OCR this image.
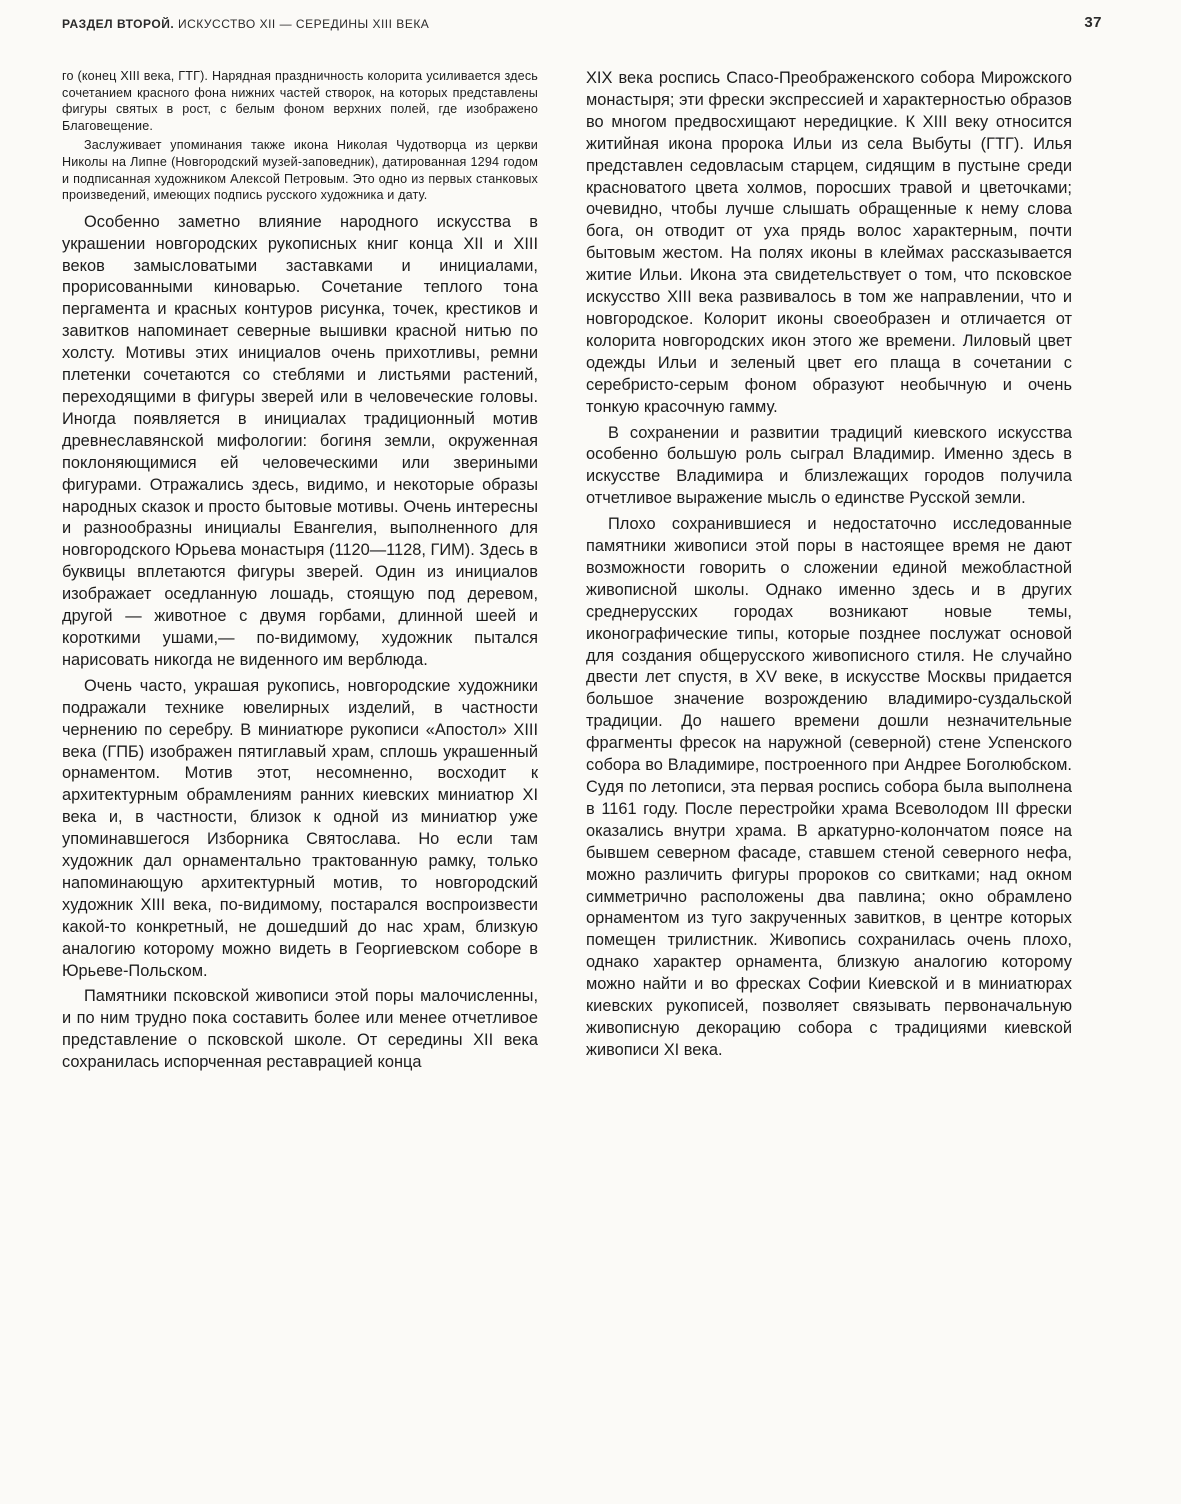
РАЗДЕЛ ВТОРОЙ. ИСКУССТВО XII — СЕРЕДИНЫ XIII ВЕКА	37

го (конец XIII века, ГТГ). Нарядная праздничность колорита усиливается здесь сочетанием красного фона нижних частей створок, на которых представлены фигуры святых в рост, с белым фоном верхних полей, где изображено Благовещение.

Заслуживает упоминания также икона Николая Чудотворца из церкви Николы на Липне (Новгородский музей-заповедник), датированная 1294 годом и подписанная художником Алексой Петровым. Это одно из первых станковых произведений, имеющих подпись русского художника и дату.

Особенно заметно влияние народного искусства в украшении новгородских рукописных книг конца XII и XIII веков замысловатыми заставками и инициалами, прорисованными киноварью. Сочетание теплого тона пергамента и красных контуров рисунка, точек, крестиков и завитков напоминает северные вышивки красной нитью по холсту. Мотивы этих инициалов очень прихотливы, ремни плетенки сочетаются со стеблями и листьями растений, переходящими в фигуры зверей или в человеческие головы. Иногда появляется в инициалах традиционный мотив древнеславянской мифологии: богиня земли, окруженная поклоняющимися ей человеческими или звериными фигурами. Отражались здесь, видимо, и некоторые образы народных сказок и просто бытовые мотивы. Очень интересны и разнообразны инициалы Евангелия, выполненного для новгородского Юрьева монастыря (1120—1128, ГИМ). Здесь в буквицы вплетаются фигуры зверей. Один из инициалов изображает оседланную лошадь, стоящую под деревом, другой — животное с двумя горбами, длинной шеей и короткими ушами,— по-видимому, художник пытался нарисовать никогда не виденного им верблюда.

Очень часто, украшая рукопись, новгородские художники подражали технике ювелирных изделий, в частности чернению по серебру. В миниатюре рукописи «Апостол» XIII века (ГПБ) изображен пятиглавый храм, сплошь украшенный орнаментом. Мотив этот, несомненно, восходит к архитектурным обрамлениям ранних киевских миниатюр XI века и, в частности, близок к одной из миниатюр уже упоминавшегося Изборника Святослава. Но если там художник дал орнаментально трактованную рамку, только напоминающую архитектурный мотив, то новгородский художник XIII века, по-видимому, постарался воспроизвести какой-то конкретный, не дошедший до нас храм, близкую аналогию которому можно видеть в Георгиевском соборе в Юрьеве-Польском.

Памятники псковской живописи этой поры малочисленны, и по ним трудно пока составить более или менее отчетливое представление о псковской школе. От середины XII века сохранилась испорченная реставрацией конца

XIX века роспись Спасо-Преображенского собора Мирожского монастыря; эти фрески экспрессией и характерностью образов во многом предвосхищают нередицкие. К XIII веку относится житийная икона пророка Ильи из села Выбуты (ГТГ). Илья представлен седовласым старцем, сидящим в пустыне среди красноватого цвета холмов, поросших травой и цветочками; очевидно, чтобы лучше слышать обращенные к нему слова бога, он отводит от уха прядь волос характерным, почти бытовым жестом. На полях иконы в клеймах рассказывается житие Ильи. Икона эта свидетельствует о том, что псковское искусство XIII века развивалось в том же направлении, что и новгородское. Колорит иконы своеобразен и отличается от колорита новгородских икон этого же времени. Лиловый цвет одежды Ильи и зеленый цвет его плаща в сочетании с серебристо-серым фоном образуют необычную и очень тонкую красочную гамму.

В сохранении и развитии традиций киевского искусства особенно большую роль сыграл Владимир. Именно здесь в искусстве Владимира и близлежащих городов получила отчетливое выражение мысль о единстве Русской земли.

Плохо сохранившиеся и недостаточно исследованные памятники живописи этой поры в настоящее время не дают возможности говорить о сложении единой межобластной живописной школы. Однако именно здесь и в других среднерусских городах возникают новые темы, иконографические типы, которые позднее послужат основой для создания общерусского живописного стиля. Не случайно двести лет спустя, в XV веке, в искусстве Москвы придается большое значение возрождению владимиро-суздальской традиции. До нашего времени дошли незначительные фрагменты фресок на наружной (северной) стене Успенского собора во Владимире, построенного при Андрее Боголюбском. Судя по летописи, эта первая роспись собора была выполнена в 1161 году. После перестройки храма Всеволодом III фрески оказались внутри храма. В аркатурно-колончатом поясе на бывшем северном фасаде, ставшем стеной северного нефа, можно различить фигуры пророков со свитками; над окном симметрично расположены два павлина; окно обрамлено орнаментом из туго закрученных завитков, в центре которых помещен трилистник. Живопись сохранилась очень плохо, однако характер орнамента, близкую аналогию которому можно найти и во фресках Софии Киевской и в миниатюрах киевских рукописей, позволяет связывать первоначальную живописную декорацию собора с традициями киевской живописи XI века.
